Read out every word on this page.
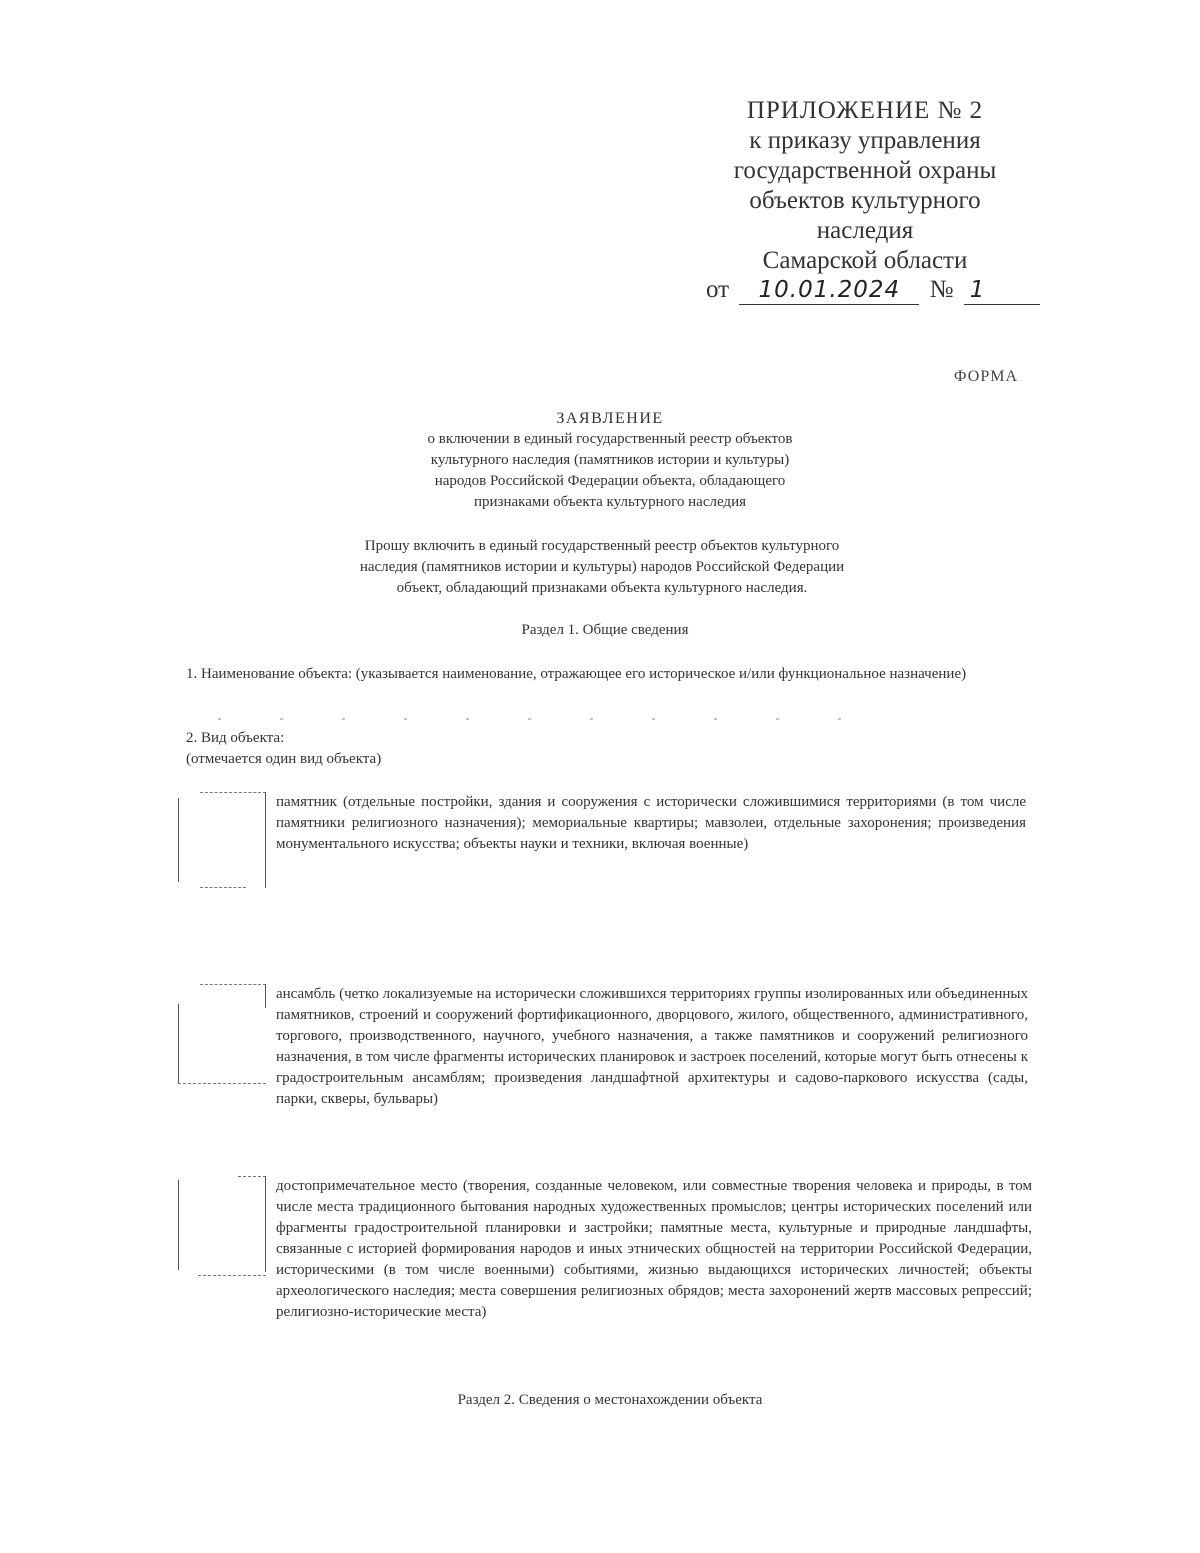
ПРИЛОЖЕНИЕ № 2
к приказу управления
государственной охраны
объектов культурного
наследия
Самарской области
от 10.01.2024 № 1
ФОРМА
ЗАЯВЛЕНИЕ
о включении в единый государственный реестр объектов
культурного наследия (памятников истории и культуры)
народов Российской Федерации объекта, обладающего
признаками объекта культурного наследия
Прошу включить в единый государственный реестр объектов культурного
наследия (памятников истории и культуры) народов Российской Федерации
объект, обладающий признаками объекта культурного наследия.
Раздел 1. Общие сведения
1. Наименование объекта: (указывается наименование, отражающее его историческое и/или функциональное назначение)
2. Вид объекта:
(отмечается один вид объекта)
памятник (отдельные постройки, здания и сооружения с исторически сложившимися территориями (в том числе памятники религиозного назначения); мемориальные квартиры; мавзолеи, отдельные захоронения; произведения монументального искусства; объекты науки и техники, включая военные)
ансамбль (четко локализуемые на исторически сложившихся территориях группы изолированных или объединенных памятников, строений и сооружений фортификационного, дворцового, жилого, общественного, административного, торгового, производственного, научного, учебного назначения, а также памятников и сооружений религиозного назначения, в том числе фрагменты исторических планировок и застроек поселений, которые могут быть отнесены к градостроительным ансамблям; произведения ландшафтной архитектуры и садово-паркового искусства (сады, парки, скверы, бульвары)
достопримечательное место (творения, созданные человеком, или совместные творения человека и природы, в том числе места традиционного бытования народных художественных промыслов; центры исторических поселений или фрагменты градостроительной планировки и застройки; памятные места, культурные и природные ландшафты, связанные с историей формирования народов и иных этнических общностей на территории Российской Федерации, историческими (в том числе военными) событиями, жизнью выдающихся исторических личностей; объекты археологического наследия; места совершения религиозных обрядов; места захоронений жертв массовых репрессий; религиозно-исторические места)
Раздел 2. Сведения о местонахождении объекта
